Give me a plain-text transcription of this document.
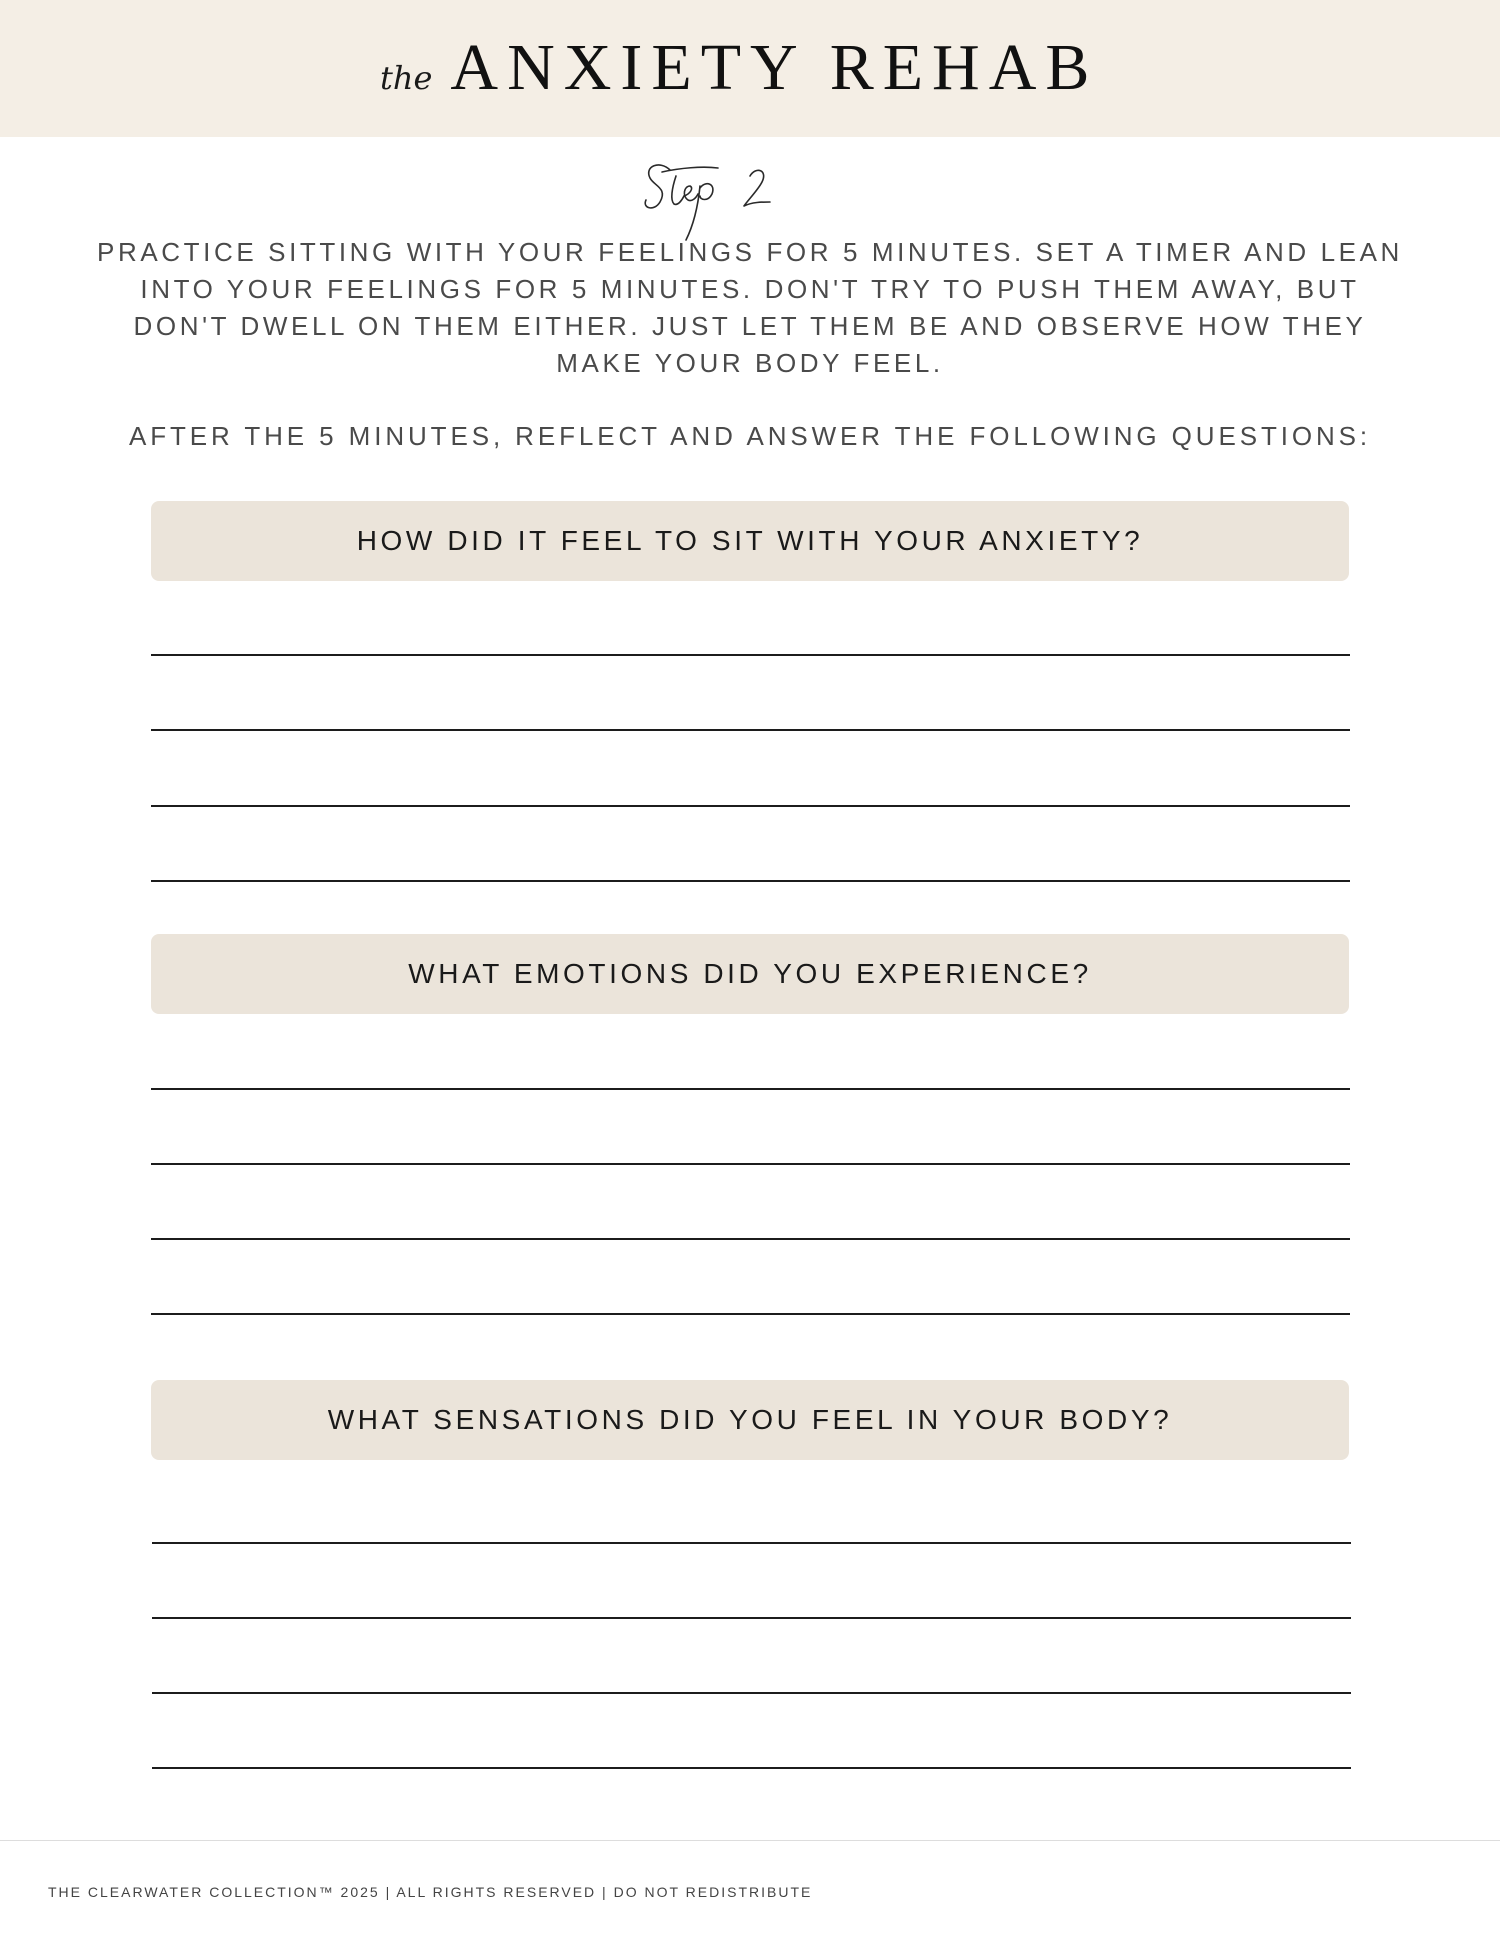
the ANXIETY REHAB
PRACTICE SITTING WITH YOUR FEELINGS FOR 5 MINUTES. SET A TIMER AND LEAN INTO YOUR FEELINGS FOR 5 MINUTES. DON'T TRY TO PUSH THEM AWAY, BUT DON'T DWELL ON THEM EITHER. JUST LET THEM BE AND OBSERVE HOW THEY MAKE YOUR BODY FEEL.
AFTER THE 5 MINUTES, REFLECT AND ANSWER THE FOLLOWING QUESTIONS:
HOW DID IT FEEL TO SIT WITH YOUR ANXIETY?
WHAT EMOTIONS DID YOU EXPERIENCE?
WHAT SENSATIONS DID YOU FEEL IN YOUR BODY?
THE CLEARWATER COLLECTION™ 2025 | ALL RIGHTS RESERVED | DO NOT REDISTRIBUTE
